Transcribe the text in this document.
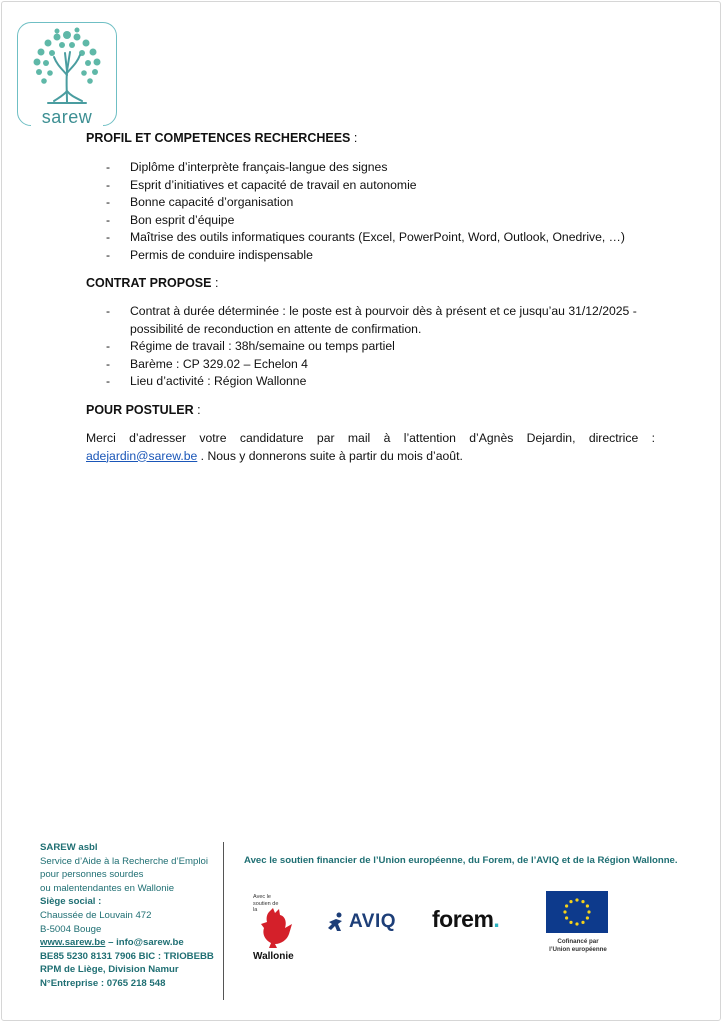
sarew
PROFIL ET COMPETENCES RECHERCHEES :
- Diplôme d’interprète français-langue des signes
- Esprit d’initiatives et capacité de travail en autonomie
- Bonne capacité d’organisation
- Bon esprit d’équipe
- Maîtrise des outils informatiques courants (Excel, PowerPoint, Word, Outlook, Onedrive, …)
- Permis de conduire indispensable
CONTRAT PROPOSE :
- Contrat à durée déterminée : le poste est à pourvoir dès à présent et ce jusqu’au 31/12/2025 - possibilité de reconduction en attente de confirmation.
- Régime de travail : 38h/semaine ou temps partiel
- Barème : CP 329.02 – Echelon 4
- Lieu d’activité : Région Wallonne
POUR POSTULER :
Merci d’adresser votre candidature par mail à l’attention d’Agnès Dejardin, directrice : adejardin@sarew.be . Nous y donnerons suite à partir du mois d’août.
SAREW asbl
Service d’Aide à la Recherche d’Emploi
pour personnes sourdes
ou malentendantes en Wallonie
Siège social :
Chaussée de Louvain 472
B-5004 Bouge
www.sarew.be – info@sarew.be
BE85 5230 8131 7906 BIC : TRIOBEBB
RPM de Liège, Division Namur
N°Entreprise : 0765 218 548
Avec le soutien financier de l’Union européenne, du Forem, de l’AVIQ et de la Région Wallonne.
Avec le soutien de la
Wallonie
AVIQ forem.
Cofinancé par
l’Union européenne
